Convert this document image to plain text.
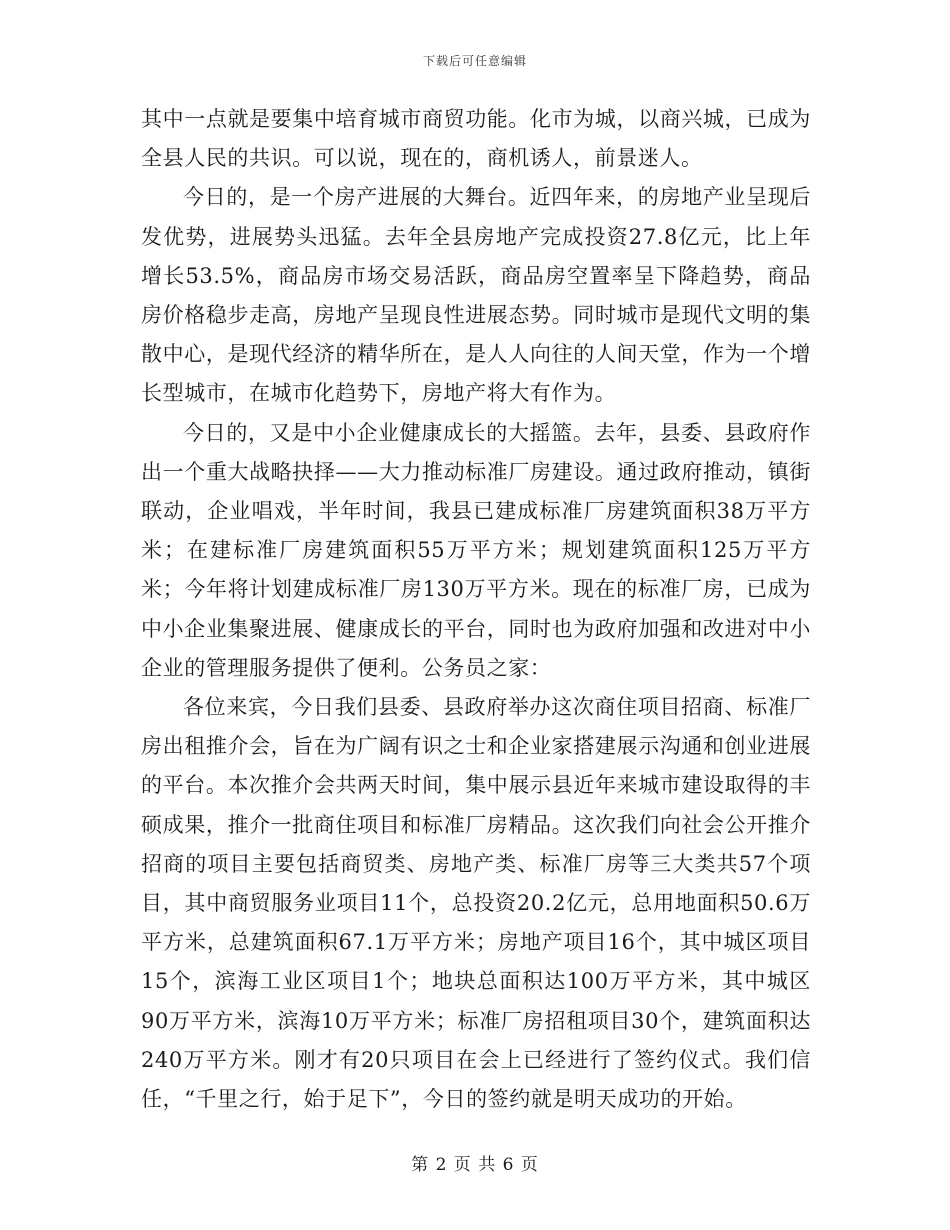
下载后可任意编辑

其中一点就是要集中培育城市商贸功能。化市为城，以商兴城，已成为全县人民的共识。可以说，现在的，商机诱人，前景迷人。

今日的，是一个房产进展的大舞台。近四年来，的房地产业呈现后发优势，进展势头迅猛。去年全县房地产完成投资27.8亿元，比上年增长53.5%，商品房市场交易活跃，商品房空置率呈下降趋势，商品房价格稳步走高，房地产呈现良性进展态势。同时城市是现代文明的集散中心，是现代经济的精华所在，是人人向往的人间天堂，作为一个增长型城市，在城市化趋势下，房地产将大有作为。

今日的，又是中小企业健康成长的大摇篮。去年，县委、县政府作出一个重大战略抉择——大力推动标准厂房建设。通过政府推动，镇街联动，企业唱戏，半年时间，我县已建成标准厂房建筑面积38万平方米；在建标准厂房建筑面积55万平方米；规划建筑面积125万平方米；今年将计划建成标准厂房130万平方米。现在的标准厂房，已成为中小企业集聚进展、健康成长的平台，同时也为政府加强和改进对中小企业的管理服务提供了便利。公务员之家：

各位来宾，今日我们县委、县政府举办这次商住项目招商、标准厂房出租推介会，旨在为广阔有识之士和企业家搭建展示沟通和创业进展的平台。本次推介会共两天时间，集中展示县近年来城市建设取得的丰硕成果，推介一批商住项目和标准厂房精品。这次我们向社会公开推介招商的项目主要包括商贸类、房地产类、标准厂房等三大类共57个项目，其中商贸服务业项目11个，总投资20.2亿元，总用地面积50.6万平方米，总建筑面积67.1万平方米；房地产项目16个，其中城区项目15个，滨海工业区项目1个；地块总面积达100万平方米，其中城区90万平方米，滨海10万平方米；标准厂房招租项目30个，建筑面积达240万平方米。刚才有20只项目在会上已经进行了签约仪式。我们信任，“千里之行，始于足下”，今日的签约就是明天成功的开始。

第 2 页 共 6 页
